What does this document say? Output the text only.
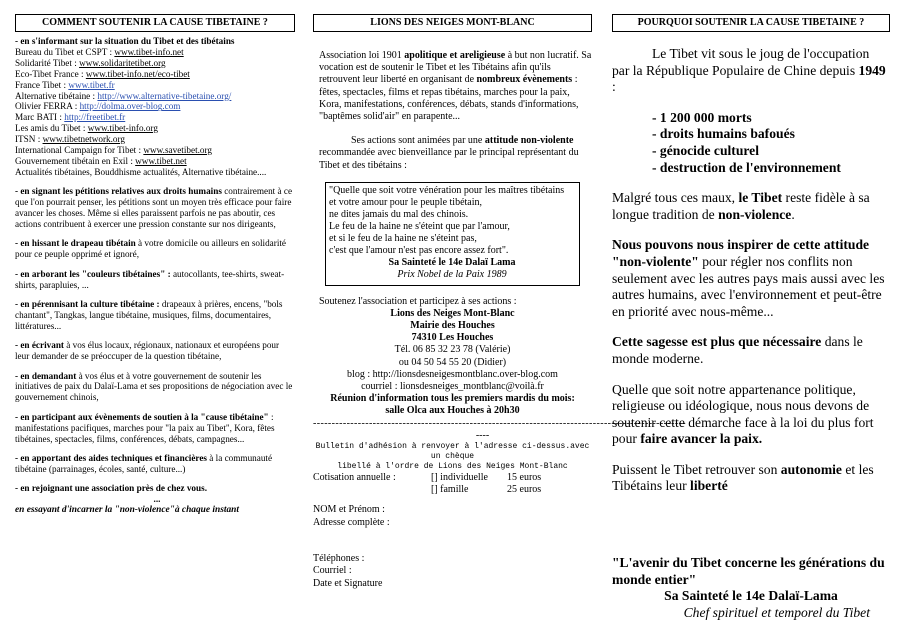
COMMENT SOUTENIR LA CAUSE TIBETAINE ?

- en s'informant sur la situation du Tibet et des tibétains

Bureau du Tibet et CSPT : www.tibet-info.net

Solidarité Tibet : www.solidaritetibet.org

Eco-Tibet France : www.tibet-info.net/eco-tibet

France Tibet : www.tibet.fr

Alternative tibétaine : http://www.alternative-tibetaine.org/

Olivier FERRA : http://dolma.over-blog.com

Marc BATI : http://freetibet.fr

Les amis du Tibet : www.tibet-info.org

ITSN : www.tibetnetwork.org

International Campaign for Tibet : www.savetibet.org

Gouvernement tibétain en Exil : www.tibet.net

Actualités tibétaines, Bouddhisme actualités, Alternative tibétaine....

- en signant les pétitions relatives aux droits humains contrairement à ce que l'on pourrait penser, les pétitions sont un moyen très efficace pour faire avancer les choses. Même si elles paraissent parfois ne pas aboutir, ces actions contribuent à exercer une pression constante sur nos dirigeants,

- en hissant le drapeau tibétain à votre domicile ou ailleurs en solidarité pour ce peuple opprimé et ignoré,

- en arborant les "couleurs tibétaines" : autocollants, tee-shirts, sweat-shirts, parapluies, ...

- en pérennisant la culture tibétaine : drapeaux à prières, encens, "bols chantant", Tangkas, langue tibétaine, musiques, films, documentaires, littératures...

- en écrivant à vos élus locaux, régionaux, nationaux et européens pour leur demander de se préoccuper de la question tibétaine,

- en demandant à vos élus et à votre gouvernement de soutenir les initiatives de paix du Dalaï-Lama et ses propositions de négociation avec le gouvernement chinois,

- en participant aux évènements de soutien à la "cause tibétaine" : manifestations pacifiques, marches pour "la paix au Tibet", Kora, fêtes tibétaines, spectacles, films, conférences, débats, campagnes...

- en apportant des aides techniques et financières à la communauté tibétaine (parrainages, écoles, santé, culture...)

- en rejoignant une association près de chez vous.

...

en essayant d'incarner la "non-violence"à chaque instant

LIONS DES NEIGES MONT-BLANC

Association loi 1901 apolitique et areligieuse à but non lucratif. Sa vocation est de soutenir le Tibet et les Tibétains afin qu'ils retrouvent leur liberté en organisant de nombreux évènements : fêtes, spectacles, films et repas tibétains, marches pour la paix, Kora, manifestations, conférences, débats, stands d'informations, "baptêmes solid'air" en parapente...

Ses actions sont animées par une attitude non-violente recommandée avec bienveillance par le principal représentant du Tibet et des tibétains :

"Quelle que soit votre vénération pour les maîtres tibétains
et votre amour pour le peuple tibétain,
ne dites jamais du mal des chinois.
Le feu de la haine ne s'éteint que par l'amour,
et si le feu de la haine ne s'éteint pas,
c'est que l'amour n'est pas encore assez fort".
Sa Sainteté le 14e Dalaï Lama
Prix Nobel de la Paix 1989

Soutenez l'association et participez à ses actions :

Lions des Neiges Mont-Blanc

Mairie des Houches

74310 Les Houches

Tél. 06 85 32 23 78 (Valérie)

ou 04 50 54 55 20 (Didier)

blog : http://lionsdesneigesmontblanc.over-blog.com

courriel : lionsdesneiges_montblanc@voilà.fr

Réunion d'information tous les premiers mardis du mois:

salle Olca aux Houches à 20h30

----------------------------------------------------------------------------------------------------

----

Bulletin d'adhésion à renvoyer à l'adresse ci-dessus.avec un chèque

libellé à l'ordre de Lions des Neiges Mont-Blanc

Cotisation annuelle :	[] individuelle	15 euros
[] famille	25 euros
NOM et Prénom :
Adresse complète :
Téléphones :
Courriel :
Date et Signature
POURQUOI SOUTENIR LA CAUSE TIBETAINE ?

Le Tibet vit sous le joug de l'occupation par la République Populaire de Chine depuis 1949 :

- 1 200 000 morts
- droits humains bafoués
- génocide culturel
- destruction de l'environnement

Malgré tous ces maux, le Tibet reste fidèle à sa longue tradition de non-violence.

Nous pouvons nous inspirer de cette attitude "non-violente" pour régler nos conflits non seulement avec les autres pays mais aussi avec les autres humains, avec l'environnement et peut-être en priorité avec nous-même...

Cette sagesse est plus que nécessaire dans le monde moderne.

Quelle que soit notre appartenance politique, religieuse ou idéologique, nous nous devons de soutenir cette démarche face à la loi du plus fort pour faire avancer la paix.

Puissent le Tibet retrouver son autonomie et les Tibétains leur liberté

"L'avenir du Tibet concerne les générations du monde entier"

Sa Sainteté le 14e Dalaï-Lama

Chef spirituel et temporel du Tibet
